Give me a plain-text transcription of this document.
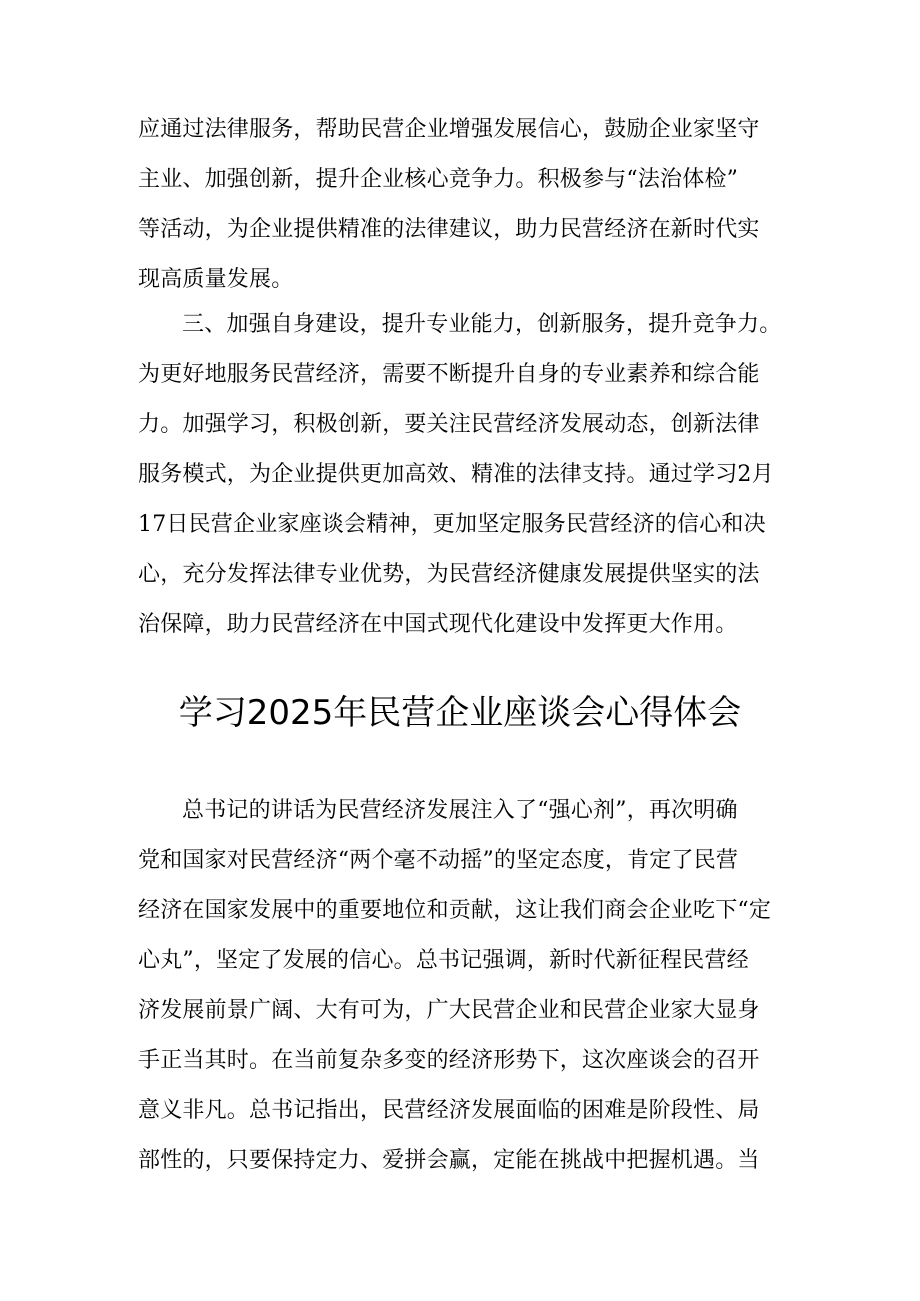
应通过法律服务，帮助民营企业增强发展信心，鼓励企业家坚守
主业、加强创新，提升企业核心竞争力。积极参与“法治体检”
等活动，为企业提供精准的法律建议，助力民营经济在新时代实
现高质量发展。
三、加强自身建设，提升专业能力，创新服务，提升竞争力。
为更好地服务民营经济，需要不断提升自身的专业素养和综合能
力。加强学习，积极创新，要关注民营经济发展动态，创新法律
服务模式，为企业提供更加高效、精准的法律支持。通过学习2月
17日民营企业家座谈会精神，更加坚定服务民营经济的信心和决
心，充分发挥法律专业优势，为民营经济健康发展提供坚实的法
治保障，助力民营经济在中国式现代化建设中发挥更大作用。
学习2025年民营企业座谈会心得体会
总书记的讲话为民营经济发展注入了“强心剂”，再次明确
党和国家对民营经济“两个毫不动摇”的坚定态度，肯定了民营
经济在国家发展中的重要地位和贡献，这让我们商会企业吃下“定
心丸”，坚定了发展的信心。总书记强调，新时代新征程民营经
济发展前景广阔、大有可为，广大民营企业和民营企业家大显身
手正当其时。在当前复杂多变的经济形势下，这次座谈会的召开
意义非凡。总书记指出，民营经济发展面临的困难是阶段性、局
部性的，只要保持定力、爱拼会赢，定能在挑战中把握机遇。当
